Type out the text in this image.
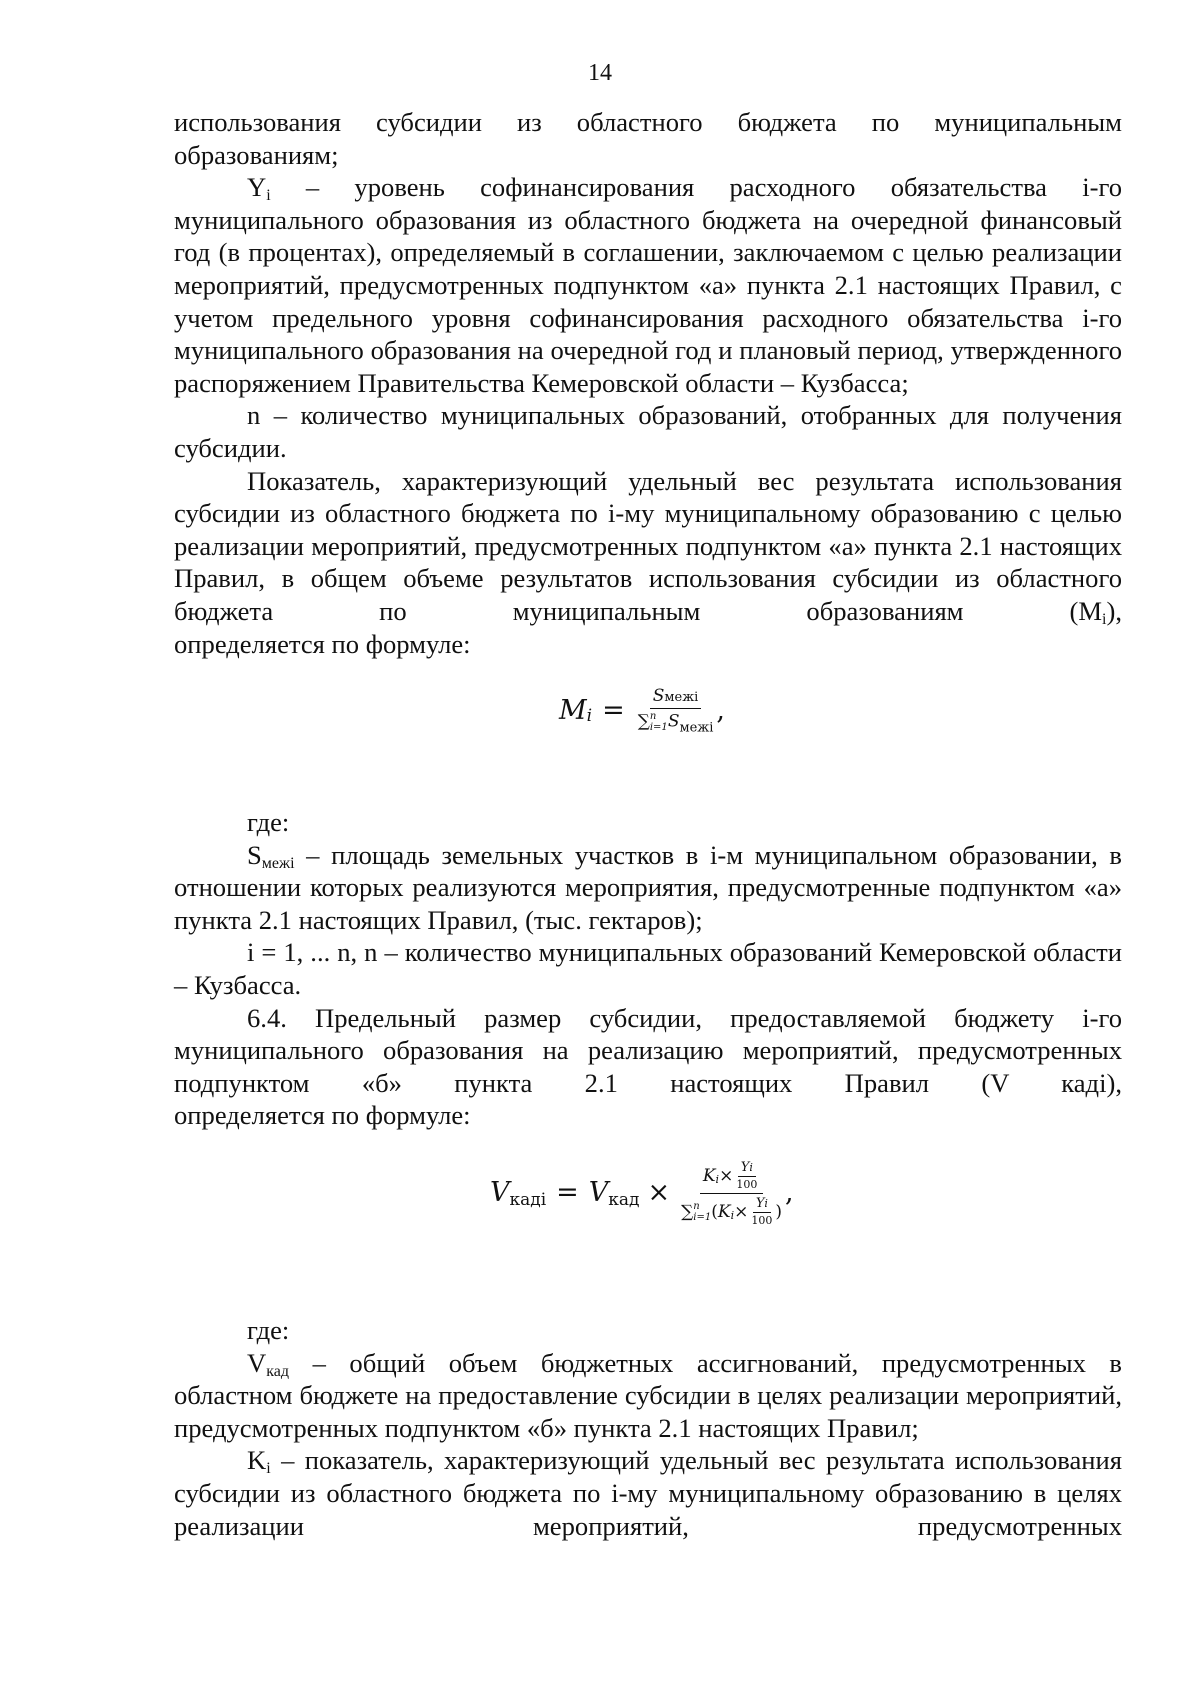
14

использования субсидии из областного бюджета по муниципальным образованиям;

$Y_i$ – уровень софинансирования расходного обязательства i-го муниципального образования из областного бюджета на очередной финансовый год (в процентах), определяемый в соглашении, заключаемом с целью реализации мероприятий, предусмотренных подпунктом «а» пункта 2.1 настоящих Правил, с учетом предельного уровня софинансирования расходного обязательства i-го муниципального образования на очередной год и плановый период, утвержденного распоряжением Правительства Кемеровской области – Кузбасса;

n – количество муниципальных образований, отобранных для получения субсидии.

Показатель, характеризующий удельный вес результата использования субсидии из областного бюджета по i-му муниципальному образованию с целью реализации мероприятий, предусмотренных подпунктом «а» пункта 2.1 настоящих Правил, в общем объеме результатов использования субсидии из областного бюджета по муниципальным образованиям $(M_i)$,

определяется по формуле:

M i = Sмежi
∑ n
i=1 $S_{межi}$ ,

где:

$S_{межi}$ – площадь земельных участков в i-м муниципальном образовании, в отношении которых реализуются мероприятия, предусмотренные подпунктом «а» пункта 2.1 настоящих Правил, (тыс. гектаров);

i = 1, ... n, n – количество муниципальных образований Кемеровской области – Кузбасса.

6.4. Предельный размер субсидии, предоставляемой бюджету i-го муниципального образования на реализацию мероприятий, предусмотренных подпунктом «б» пункта 2.1 настоящих Правил (V кадi),

определяется по формуле:

V кадi = V кад × K $i \times \frac{Yi}{100}$
∑ n
i=1 ( K $i \times \frac{Yi}{100}$ ) ,

где:

$V_{кад}$ – общий объем бюджетных ассигнований, предусмотренных в областном бюджете на предоставление субсидии в целях реализации мероприятий, предусмотренных подпунктом «б» пункта 2.1 настоящих Правил;

$K_i$ – показатель, характеризующий удельный вес результата использования субсидии из областного бюджета по i-му муниципальному образованию в целях реализации мероприятий, предусмотренных
